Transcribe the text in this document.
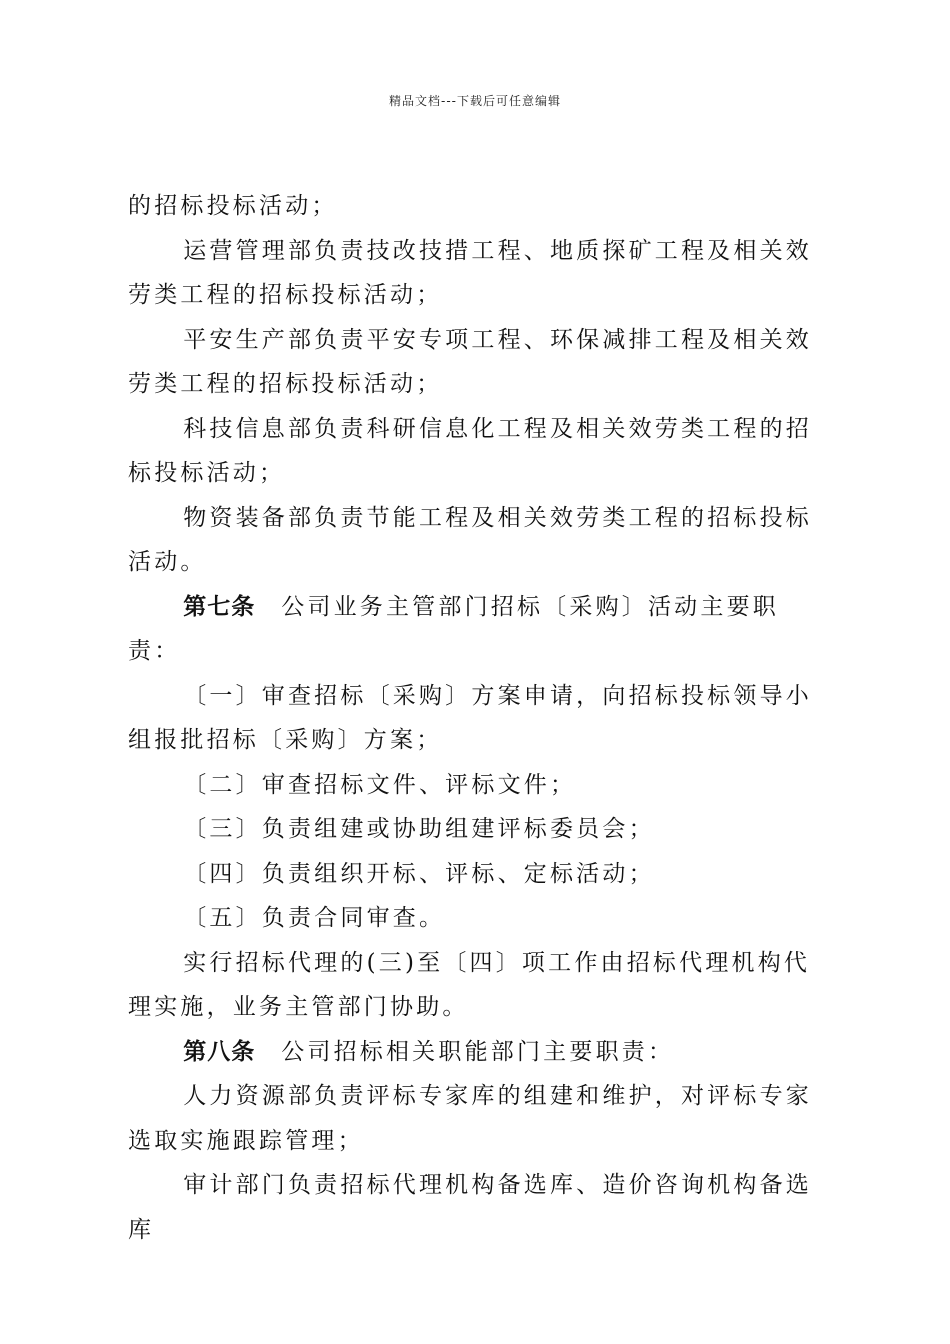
精品文档---下载后可任意编辑

的招标投标活动；

运营管理部负责技改技措工程、地质探矿工程及相关效劳类工程的招标投标活动；

平安生产部负责平安专项工程、环保减排工程及相关效劳类工程的招标投标活动；

科技信息部负责科研信息化工程及相关效劳类工程的招标投标活动；

物资装备部负责节能工程及相关效劳类工程的招标投标活动。

第七条 公司业务主管部门招标〔采购〕活动主要职责：

〔一〕审查招标〔采购〕方案申请，向招标投标领导小组报批招标〔采购〕方案；

〔二〕审查招标文件、评标文件；

〔三〕负责组建或协助组建评标委员会；

〔四〕负责组织开标、评标、定标活动；

〔五〕负责合同审查。

实行招标代理的(三)至〔四〕项工作由招标代理机构代理实施，业务主管部门协助。

第八条 公司招标相关职能部门主要职责：

人力资源部负责评标专家库的组建和维护，对评标专家选取实施跟踪管理；

审计部门负责招标代理机构备选库、造价咨询机构备选库
